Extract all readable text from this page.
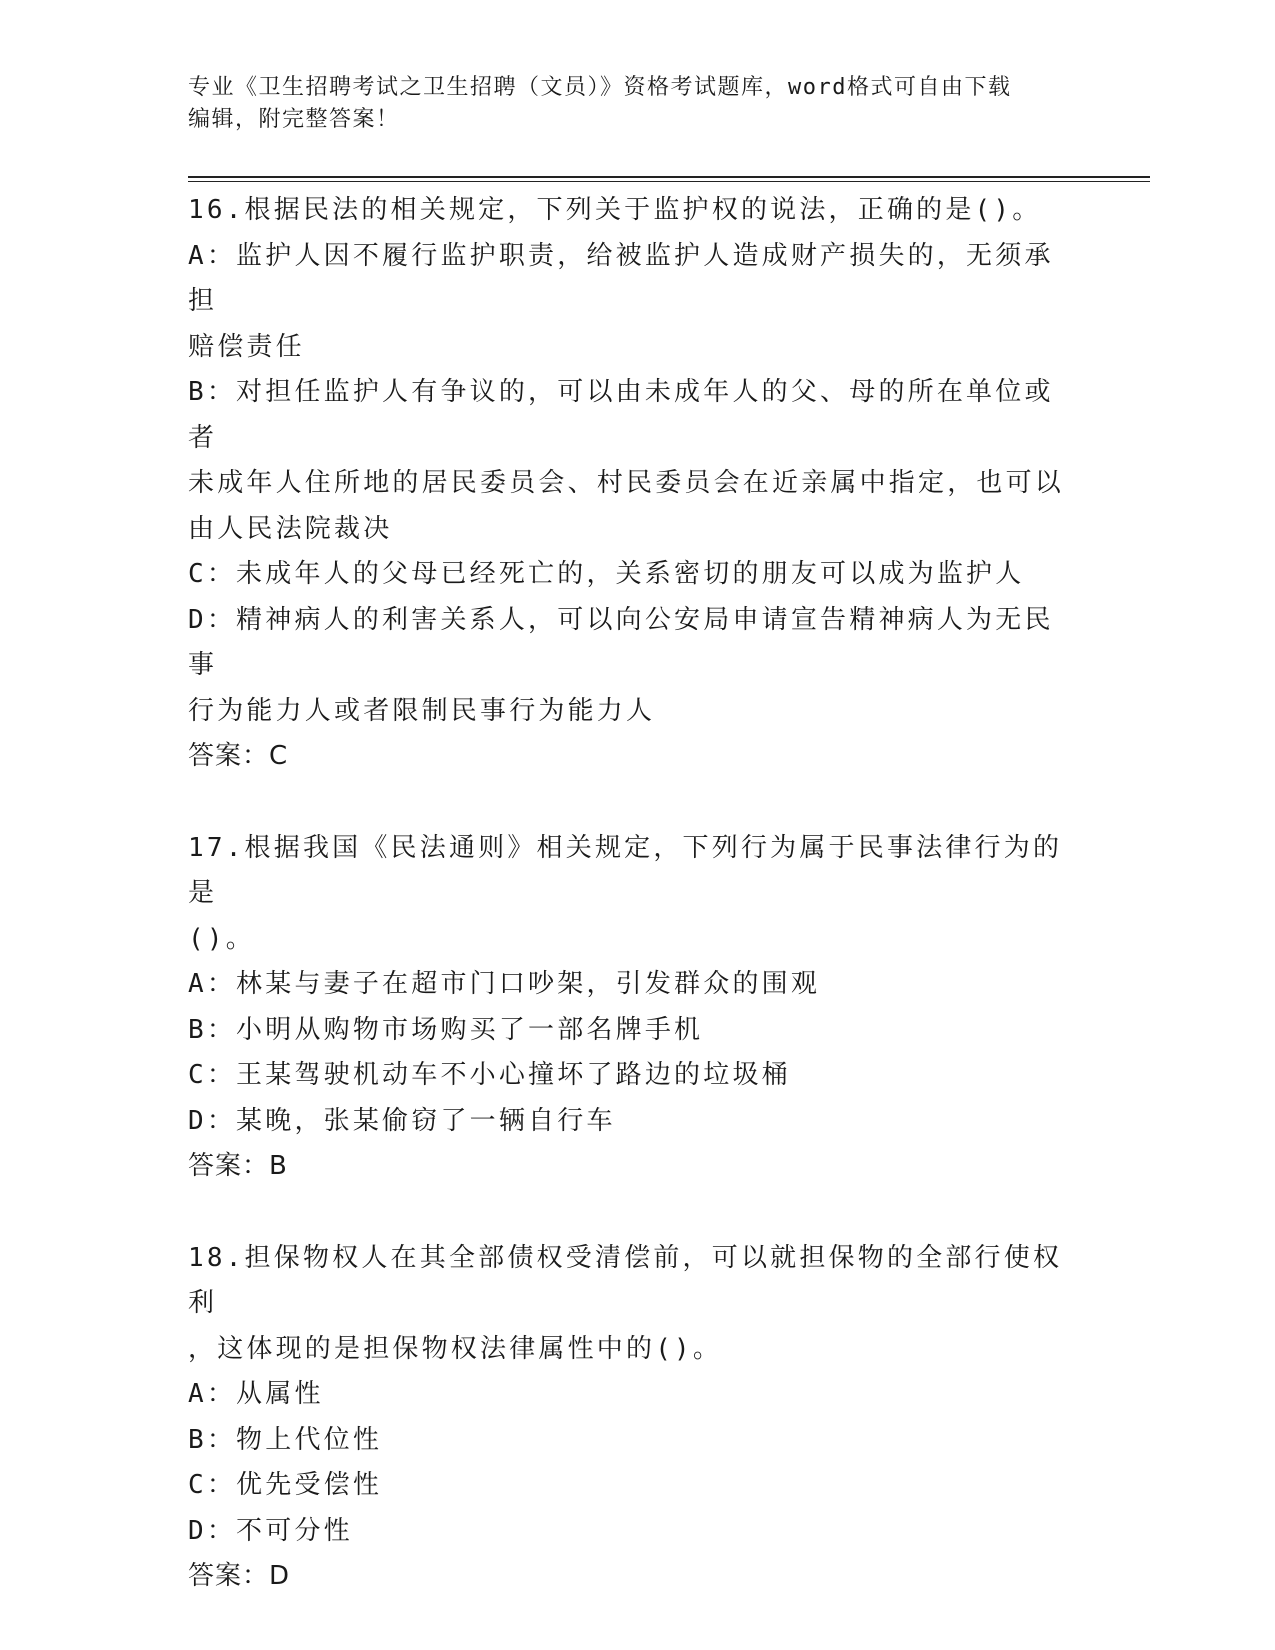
专业《卫生招聘考试之卫生招聘（文员）》资格考试题库，word格式可自由下载
编辑，附完整答案！
16.根据民法的相关规定，下列关于监护权的说法，正确的是()。
A：监护人因不履行监护职责，给被监护人造成财产损失的，无须承担
赔偿责任
B：对担任监护人有争议的，可以由未成年人的父、母的所在单位或者
未成年人住所地的居民委员会、村民委员会在近亲属中指定，也可以
由人民法院裁决
C：未成年人的父母已经死亡的，关系密切的朋友可以成为监护人
D：精神病人的利害关系人，可以向公安局申请宣告精神病人为无民事
行为能力人或者限制民事行为能力人
答案：C
17.根据我国《民法通则》相关规定，下列行为属于民事法律行为的是
()。
A：林某与妻子在超市门口吵架，引发群众的围观
B：小明从购物市场购买了一部名牌手机
C：王某驾驶机动车不小心撞坏了路边的垃圾桶
D：某晚，张某偷窃了一辆自行车
答案：B
18.担保物权人在其全部债权受清偿前，可以就担保物的全部行使权利
，这体现的是担保物权法律属性中的()。
A：从属性
B：物上代位性
C：优先受偿性
D：不可分性
答案：D
